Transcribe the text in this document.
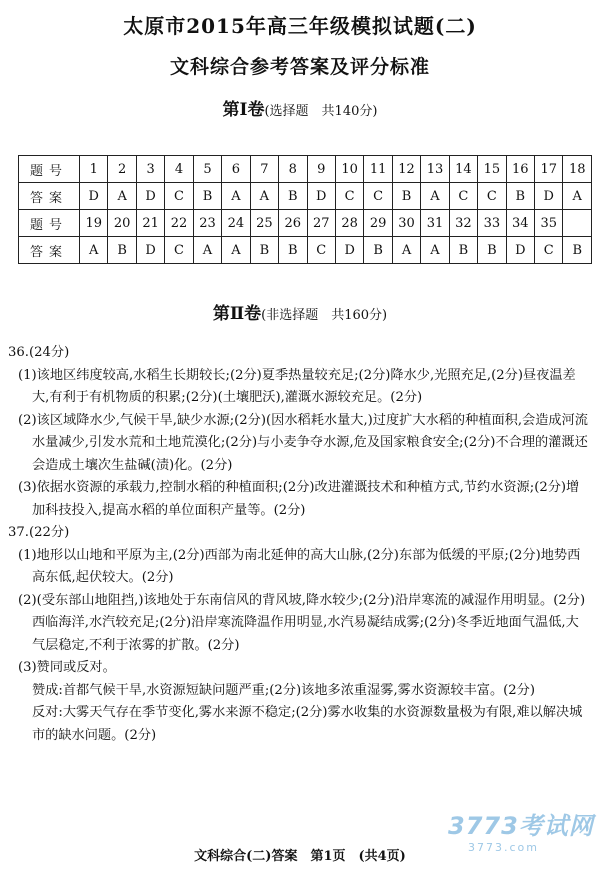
太原市2015年高三年级模拟试题(二)
文科综合参考答案及评分标准
第Ⅰ卷(选择题　共140分)
题号	1	2	3	4	5	6	7	8	9	10	11	12	13	14	15	16	17	18
答案	D	A	D	C	B	A	A	B	D	C	C	B	A	C	C	B	D	A
题号	19	20	21	22	23	24	25	26	27	28	29	30	31	32	33	34	35	
答案	A	B	D	C	A	A	B	B	C	D	B	A	A	B	B	D	C	B
第Ⅱ卷(非选择题　共160分)

36.(24分)

(1)该地区纬度较高,水稻生长期较长;(2分)夏季热量较充足;(2分)降水少,光照充足,(2分)昼夜温差大,有利于有机物质的积累;(2分)(土壤肥沃),灌溉水源较充足。(2分)

(2)该区域降水少,气候干旱,缺少水源;(2分)(因水稻耗水量大,)过度扩大水稻的种植面积,会造成河流水量减少,引发水荒和土地荒漠化;(2分)与小麦争夺水源,危及国家粮食安全;(2分)不合理的灌溉还会造成土壤次生盐碱(渍)化。(2分)

(3)依据水资源的承载力,控制水稻的种植面积;(2分)改进灌溉技术和种植方式,节约水资源;(2分)增加科技投入,提高水稻的单位面积产量等。(2分)

37.(22分)

(1)地形以山地和平原为主,(2分)西部为南北延伸的高大山脉,(2分)东部为低缓的平原;(2分)地势西高东低,起伏较大。(2分)

(2)(受东部山地阻挡,)该地处于东南信风的背风坡,降水较少;(2分)沿岸寒流的减湿作用明显。(2分)西临海洋,水汽较充足;(2分)沿岸寒流降温作用明显,水汽易凝结成雾;(2分)冬季近地面气温低,大气层稳定,不利于浓雾的扩散。(2分)

(3)赞同或反对。

赞成:首都气候干旱,水资源短缺问题严重;(2分)该地多浓重湿雾,雾水资源较丰富。(2分)

反对:大雾天气存在季节变化,雾水来源不稳定;(2分)雾水收集的水资源数量极为有限,难以解决城市的缺水问题。(2分)

3773考试网
3773.com
文科综合(二)答案　第1页　(共4页)
